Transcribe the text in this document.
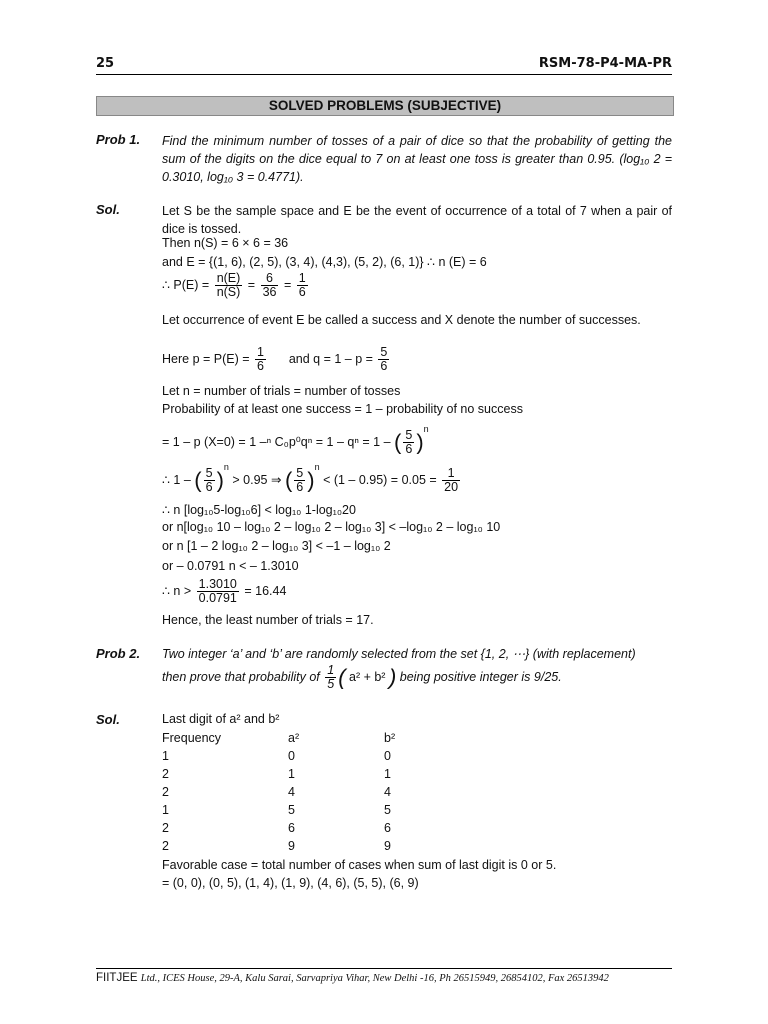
25	RSM-78-P4-MA-PR
SOLVED PROBLEMS (SUBJECTIVE)
Prob 1. Find the minimum number of tosses of a pair of dice so that the probability of getting the sum of the digits on the dice equal to 7 on at least one toss is greater than 0.95. (log₁₀ 2 = 0.3010, log₁₀ 3 = 0.4771).
Sol.	Let S be the sample space and E be the event of occurrence of a total of 7 when a pair of dice is tossed.
Then n(S) = 6 × 6 = 36
and E = {(1, 6), (2, 5), (3, 4), (4,3), (5, 2), (6, 1)} ∴ n (E) = 6
∴ $P(E) = \frac{n(E)}{n(S)} = \frac{6}{36} = \frac{1}{6}$
Let occurrence of event E be called a success and X denote the number of successes.
Here $p = P(E) = \frac{1}{6}$ and $q = 1 - p = \frac{5}{6}$
Let n = number of trials = number of tosses
Probability of at least one success = 1 – probability of no success
= 1 – p (X=0) = 1 –ⁿ C₀p⁰qⁿ = 1 – qⁿ = 1 – ( $\frac{5}{6} )^n$
∴ 1 – ( $\frac{5}{6} )^n > 0.95$ ⇒ ( $\frac{5}{6} )^n < (1 - 0.95) = 0.05 = \frac{1}{20}$
∴ n [log₁₀5-log₁₀6] < log₁₀ 1-log₁₀20
or n[log₁₀ 10 – log₁₀ 2 – log₁₀ 2 – log₁₀ 3] < –log₁₀ 2 – log₁₀ 10
or n [1 – 2 log₁₀ 2 – log₁₀ 3] < –1 – log₁₀ 2
or – 0.0791 n < – 1.3010
∴ $n > \frac{1.3010}{0.0791} = 16.44$
Hence, the least number of trials = 17.
Prob 2. Two integer ‘a’ and ‘b’ are randomly selected from the set {1, 2, ⋯} (with replacement)
then prove that probability of $\frac{1}{5}$ ( a² + b² ) being positive integer is 9/25.
Sol.	Last digit of a² and b²
Frequency	a²	b²
1	0	0
2	1	1
2	4	4
1	5	5
2	6	6
2	9	9
Favorable case = total number of cases when sum of last digit is 0 or 5.
= (0, 0), (0, 5), (1, 4), (1, 9), (4, 6), (5, 5), (6, 9)
FIITJEE Ltd., ICES House, 29-A, Kalu Sarai, Sarvapriya Vihar, New Delhi -16, Ph 26515949, 26854102, Fax 26513942
